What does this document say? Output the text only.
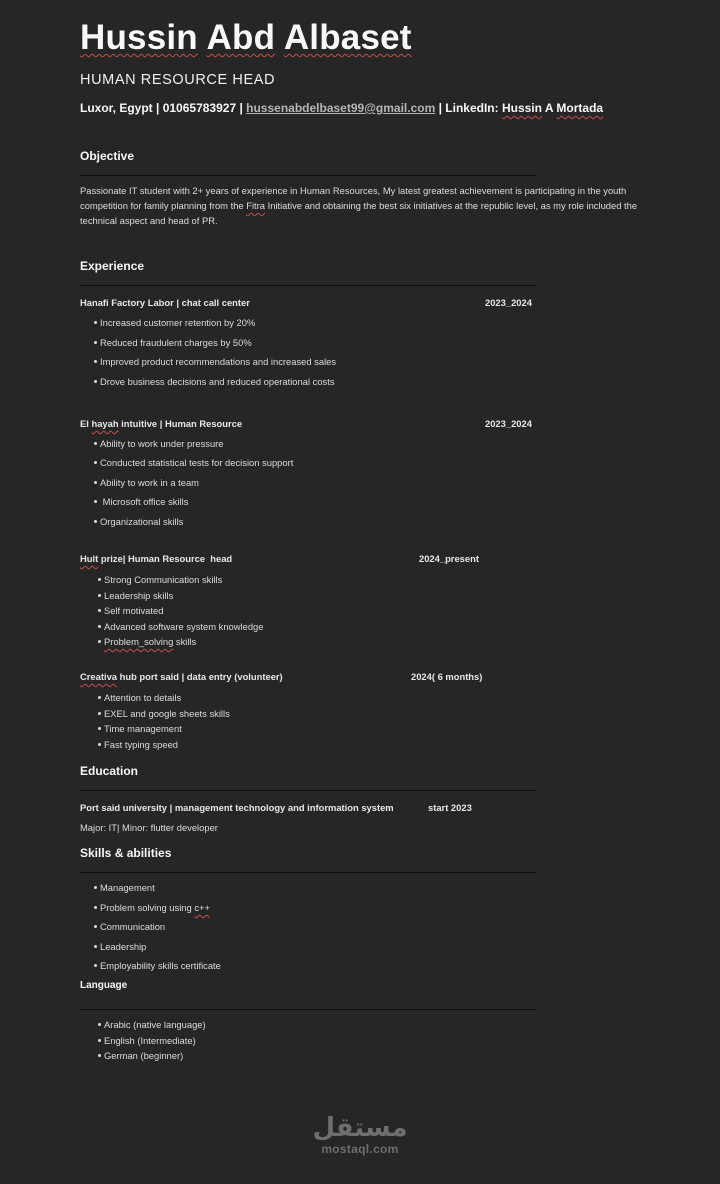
Hussin Abd Albaset
HUMAN RESOURCE HEAD
Luxor, Egypt | 01065783927 | hussenabdelbaset99@gmail.com | LinkedIn: Hussin A Mortada
Objective
Passionate IT student with 2+ years of experience in Human Resources, My latest greatest achievement is participating in the youth competition for family planning from the Fitra Initiative and obtaining the best six initiatives at the republic level, as my role included the technical aspect and head of PR.
Experience
Hanafi Factory Labor | chat call center	2023_2024
Increased customer retention by 20%
Reduced fraudulent charges by 50%
Improved product recommendations and increased sales
Drove business decisions and reduced operational costs
El hayah intuitive | Human Resource	2023_2024
Ability to work under pressure
Conducted statistical tests for decision support
Ability to work in a team
Microsoft office skills
Organizational skills
Hult prize| Human Resource  head	2024_present
Strong Communication skills
Leadership skills
Self motivated
Advanced software system knowledge
Problem_solving skills
Creativa hub port said | data entry (volunteer)	2024( 6 months)
Attention to details
EXEL and google sheets skills
Time management
Fast typing speed
Education
Port said university | management technology and information system	start 2023
Major: IT| Minor: flutter developer
Skills & abilities
Management
Problem solving using c++
Communication
Leadership
Employability skills certificate
Language
Arabic (native language)
English (Intermediate)
German (beginner)
مستقل
mostaql.com
